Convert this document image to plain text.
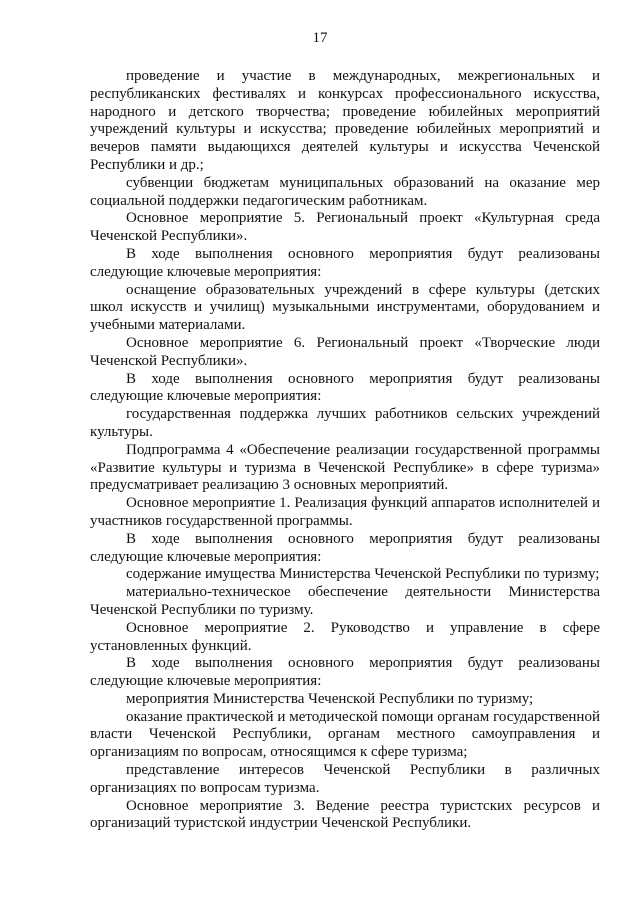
17

проведение и участие в международных, межрегиональных и республиканских фестивалях и конкурсах профессионального искусства, народного и детского творчества; проведение юбилейных мероприятий учреждений культуры и искусства; проведение юбилейных мероприятий и вечеров памяти выдающихся деятелей культуры и искусства Чеченской Республики и др.;

субвенции бюджетам муниципальных образований на оказание мер социальной поддержки педагогическим работникам.

Основное мероприятие 5. Региональный проект «Культурная среда Чеченской Республики».

В ходе выполнения основного мероприятия будут реализованы следующие ключевые мероприятия:

оснащение образовательных учреждений в сфере культуры (детских школ искусств и училищ) музыкальными инструментами, оборудованием и учебными материалами.

Основное мероприятие 6. Региональный проект «Творческие люди Чеченской Республики».

В ходе выполнения основного мероприятия будут реализованы следующие ключевые мероприятия:

государственная поддержка лучших работников сельских учреждений культуры.

Подпрограмма 4 «Обеспечение реализации государственной программы «Развитие культуры и туризма в Чеченской Республике» в сфере туризма» предусматривает реализацию 3 основных мероприятий.

Основное мероприятие 1. Реализация функций аппаратов исполнителей и участников государственной программы.

В ходе выполнения основного мероприятия будут реализованы следующие ключевые мероприятия:

содержание имущества Министерства Чеченской Республики по туризму;

материально-техническое обеспечение деятельности Министерства Чеченской Республики по туризму.

Основное мероприятие 2. Руководство и управление в сфере установленных функций.

В ходе выполнения основного мероприятия будут реализованы следующие ключевые мероприятия:

мероприятия Министерства Чеченской Республики по туризму;

оказание практической и методической помощи органам государственной власти Чеченской Республики, органам местного самоуправления и организациям по вопросам, относящимся к сфере туризма;

представление интересов Чеченской Республики в различных организациях по вопросам туризма.

Основное мероприятие 3. Ведение реестра туристских ресурсов и организаций туристской индустрии Чеченской Республики.
